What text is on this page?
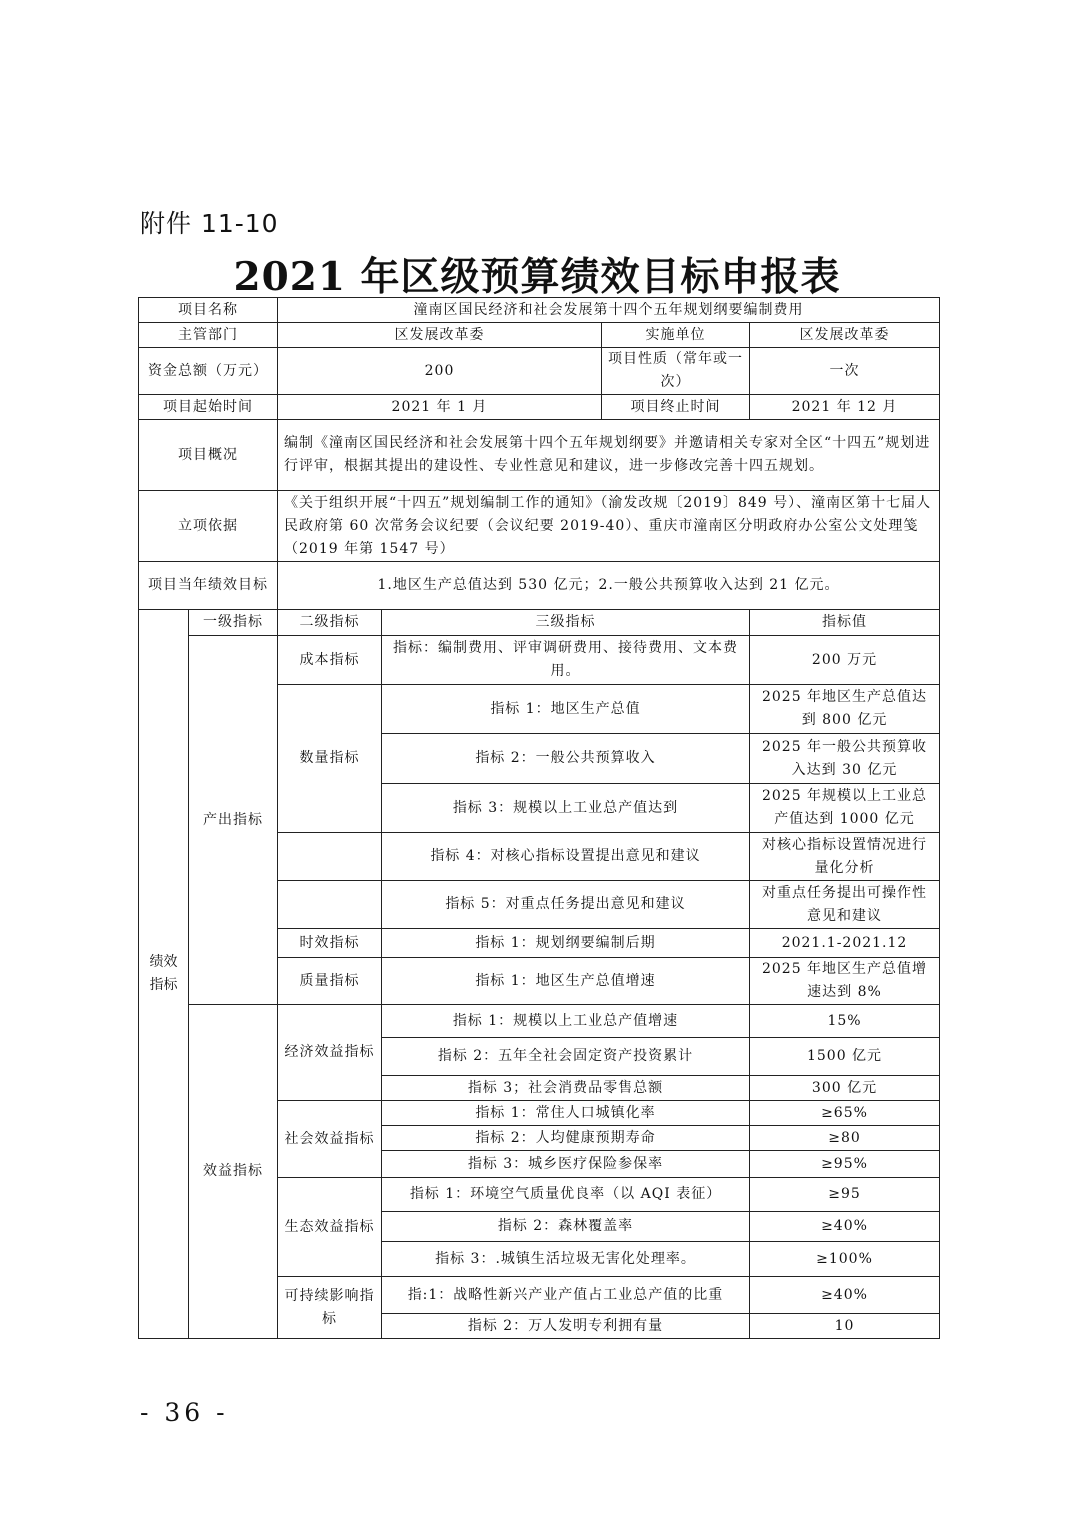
附件 11-10
2021 年区级预算绩效目标申报表
项目名称		潼南区国民经济和社会发展第十四个五年规划纲要编制费用			
主管部门		区发展改革委		实施单位	区发展改革委
资金总额（万元）		200		项目性质（常年或一次）	一次
项目起始时间		2021 年 1 月		项目终止时间	2021 年 12 月
项目概况		编制《潼南区国民经济和社会发展第十四个五年规划纲要》并邀请相关专家对全区“十四五”规划进行评审，根据其提出的建设性、专业性意见和建议，进一步修改完善十四五规划。			
立项依据		《关于组织开展“十四五”规划编制工作的通知》（渝发改规〔2019〕849 号）、潼南区第十七届人民政府第 60 次常务会议纪要（会议纪要 2019-40）、重庆市潼南区分明政府办公室公文处理笺（2019 年第 1547 号）			
项目当年绩效目标		1.地区生产总值达到 530 亿元；2.一般公共预算收入达到 21 亿元。			
绩效指标	一级指标	二级指标	三级指标		指标值
	产出指标	成本指标	指标：编制费用、评审调研费用、接待费用、文本费用。		200 万元
		数量指标	指标 1：地区生产总值		2025 年地区生产总值达到 800 亿元
			指标 2：一般公共预算收入		2025 年一般公共预算收入达到 30 亿元
			指标 3：规模以上工业总产值达到		2025 年规模以上工业总产值达到 1000 亿元
			指标 4：对核心指标设置提出意见和建议		对核心指标设置情况进行量化分析
			指标 5：对重点任务提出意见和建议		对重点任务提出可操作性意见和建议
		时效指标	指标 1：规划纲要编制后期		2021.1-2021.12
		质量指标	指标 1：地区生产总值增速		2025 年地区生产总值增速达到 8%
	效益指标	经济效益指标	指标 1：规模以上工业总产值增速		15%
			指标 2：五年全社会固定资产投资累计		1500 亿元
			指标 3；社会消费品零售总额		300 亿元
		社会效益指标	指标 1：常住人口城镇化率		≥65%
			指标 2：人均健康预期寿命		≥80
			指标 3：城乡医疗保险参保率		≥95%
		生态效益指标	指标 1：环境空气质量优良率（以 AQI 表征）		≥95
			指标 2：森林覆盖率		≥40%
			指标 3：.城镇生活垃圾无害化处理率。		≥100%
		可持续影响指标	指:1：战略性新兴产业产值占工业总产值的比重		≥40%
			指标 2：万人发明专利拥有量		10
- 36 -
